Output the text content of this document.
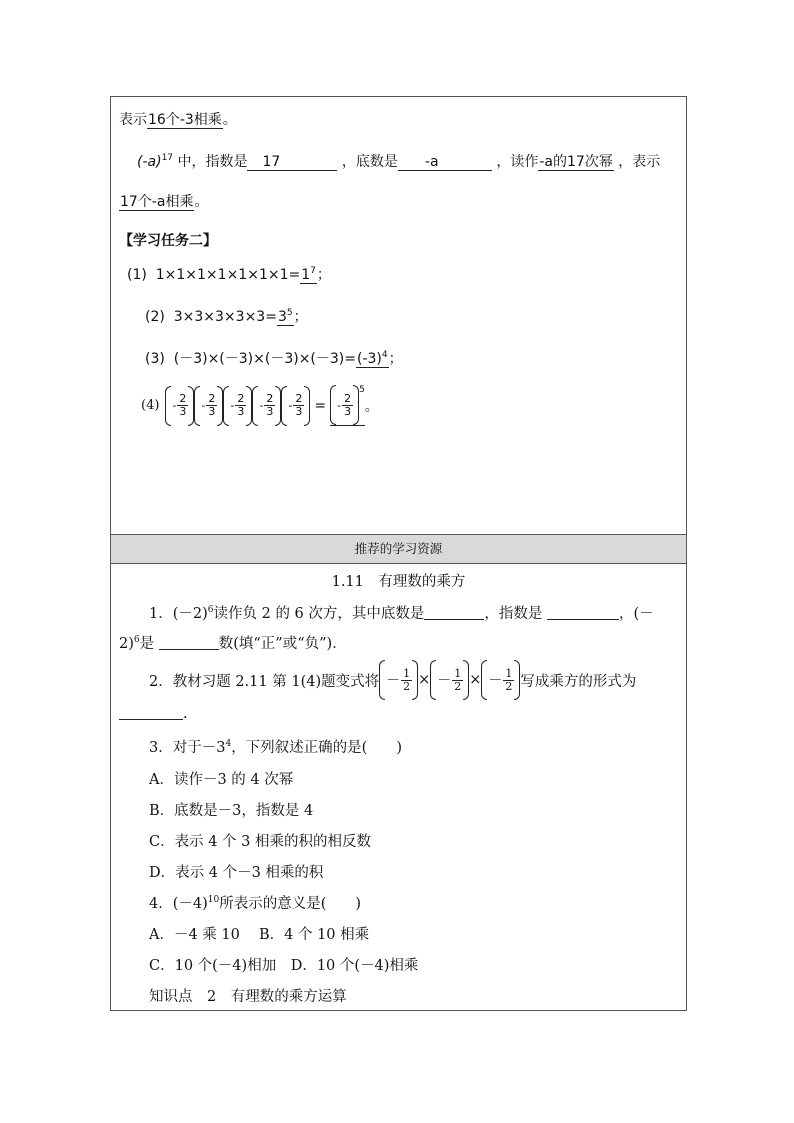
表示16个-3相乘。
$(-a)^{17}$ 中，指数是 17	，底数是 -a	，读作-a的17次幂 ，表示
17个-a相乘。
【学习任务二】
(1) $1\times 1\times 1\times 1\times 1\times 1\times 1=1^7$；
(2) $3\times 3\times 3\times 3\times 3=3^5$；
(3) $(-3)\times(-3)\times(-3)\times(-3)=(-3)^4$；
$(4) - \frac{2}{3} - \frac{2}{3} - \frac{2}{3} - \frac{2}{3} - \frac{2}{3}$ = - $\frac{2}{3}$
5
。
推荐的学习资源
1.11　有理数的乘方
1．$(-2)^6$读作负 2 的 6 次方，其中底数是	，指数是	，(－
2)$^6$是	数(填“正”或“负”)．
2．教材习题 2.11 第 1(4)题变式将 － $\frac{1}{2}$ × － $\frac{1}{2}$ × － $\frac{1}{2}$ 写成乘方的形式为
.
3．对于$-3^4$，下列叙述正确的是(　　)
A．读作－3 的 4 次幂
B．底数是－3，指数是 4
C．表示 4 个 3 相乘的积的相反数
D．表示 4 个－3 相乘的积
4．$(-4)^{10}$所表示的意义是(　　)
A．－4 乘 10　 B．4 个 10 相乘
C．10 个(－4)相加　D．10 个(－4)相乘
知识点　2　有理数的乘方运算
